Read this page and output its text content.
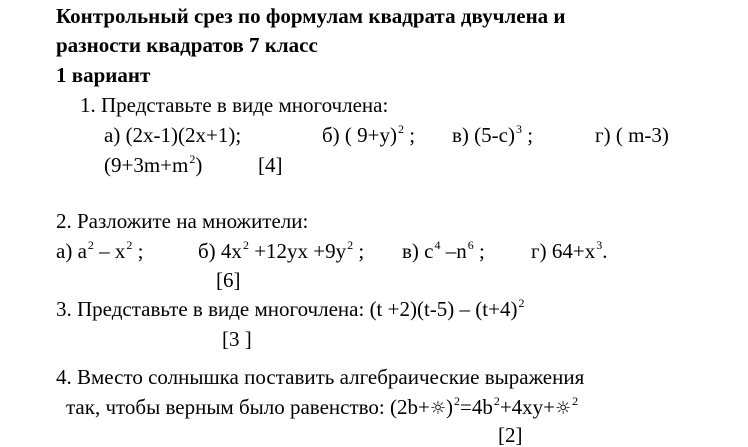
Контрольный срез по формулам квадрата двучлена и
разности квадратов 7 класс
1 вариант
1. Представьте в виде многочлена:
а) (2x-1)(2x+1);	б) ( 9+y)$^2$ ; в) $(5-c)^3$ ;	г) ( m-3)
$(9+3m+m^2)$	[4]
2. Разложите на множители:
а) $a^2 - x^2$ ;	б) $4x^2 +12yx +9y^2$ ; в) $c^4$ $-n^6$ ; г) $64+x^3$.
[6]
3. Представьте в виде многочлена: $(t +2)(t-5) - (t+4)^2$
[3 ]
4. Вместо солнышка поставить алгебраические выражения
так, чтобы верным было равенство: $(2b+☼)^2=4b^2+4xy+☼^2$
[2]
